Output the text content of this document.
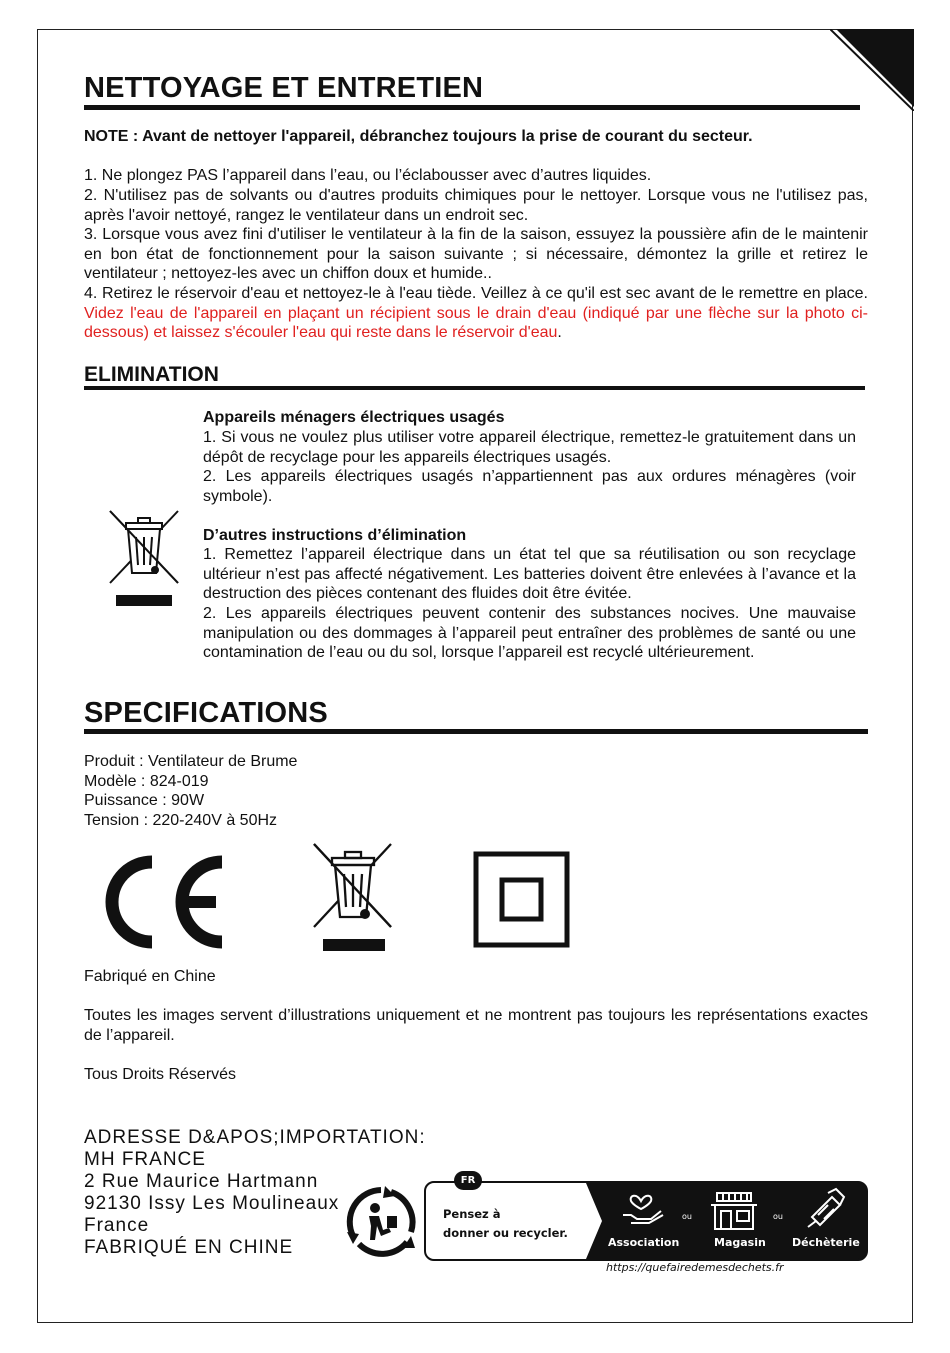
NETTOYAGE ET ENTRETIEN
NOTE : Avant de nettoyer l'appareil, débranchez toujours la prise de courant du secteur.
1. Ne plongez PAS l’appareil dans l’eau, ou l’éclabousser avec d’autres liquides.
2. N'utilisez pas de solvants ou d'autres produits chimiques pour le nettoyer. Lorsque vous ne l'utilisez pas, après l'avoir nettoyé, rangez le ventilateur dans un endroit sec.
3. Lorsque vous avez fini d'utiliser le ventilateur à la fin de la saison, essuyez la poussière afin de le maintenir en bon état de fonctionnement pour la saison suivante ; si nécessaire, démontez la grille et retirez le ventilateur ; nettoyez-les avec un chiffon doux et humide..
4. Retirez le réservoir d'eau et nettoyez-le à l'eau tiède. Veillez à ce qu'il est sec avant de le remettre en place. Videz l'eau de l'appareil en plaçant un récipient sous le drain d'eau (indiqué par une flèche sur la photo ci-dessous) et laissez s'écouler l'eau qui reste dans le réservoir d'eau.
ELIMINATION
Appareils ménagers électriques usagés
1. Si vous ne voulez plus utiliser votre appareil électrique, remettez-le gratuitement dans un dépôt de recyclage pour les appareils électriques usagés.
2. Les appareils électriques usagés n’appartiennent pas aux ordures ménagères (voir symbole).
D’autres instructions d’élimination
1. Remettez l’appareil électrique dans un état tel que sa réutilisation ou son recyclage ultérieur n’est pas affecté négativement. Les batteries doivent être enlevées à l’avance et la destruction des pièces contenant des fluides doit être évitée.
2. Les appareils électriques peuvent contenir des substances nocives. Une mauvaise manipulation ou des dommages à l’appareil peut entraîner des problèmes de santé ou une contamination de l’eau ou du sol, lorsque l’appareil est recyclé ultérieurement.
SPECIFICATIONS
Produit : Ventilateur de Brume
Modèle : 824-019
Puissance : 90W
Tension : 220-240V à 50Hz
Fabriqué en Chine
Toutes les images servent d’illustrations uniquement et ne montrent pas toujours les représentations exactes de l’appareil.
Tous Droits Réservés
ADRESSE D&APOS;IMPORTATION:
MH FRANCE
2 Rue Maurice Hartmann
92130 Issy Les Moulineaux
France
FABRIQUÉ EN CHINE
Pensez à
donner ou recycler.
ou	ou
Association	Magasin Déchèterie
FR
https://quefairedemesdechets.fr
